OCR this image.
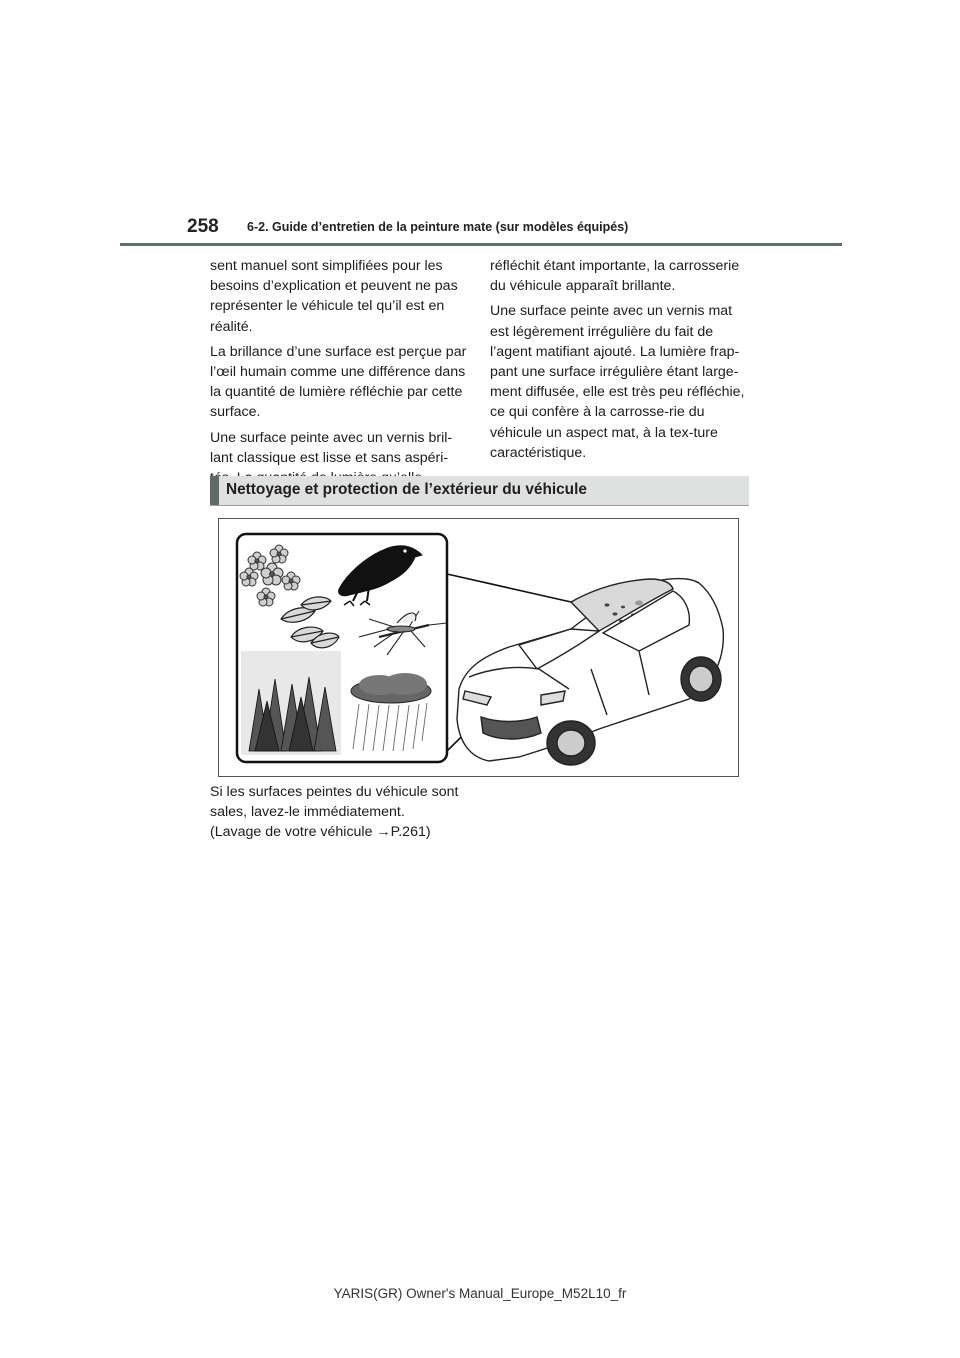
258 6-2. Guide d’entretien de la peinture mate (sur modèles équipés)

sent manuel sont simplifiées pour les besoins d’explication et peuvent ne pas représenter le véhicule tel qu’il est en réalité.

La brillance d’une surface est perçue par l’œil humain comme une différence dans la quantité de lumière réfléchie par cette surface.

Une surface peinte avec un vernis bril-lant classique est lisse et sans aspéri-

réfléchit étant importante, la carrosserie du véhicule apparaît brillante.

Une surface peinte avec un vernis mat est légèrement irrégulière du fait de l’agent matifiant ajouté. La lumière frap-pant une surface irrégulière étant large-ment diffusée, elle est très peu réfléchie, ce qui confère à la carrosse-rie du véhicule un aspect mat, à la tex-ture caractéristique.

Nettoyage et protection de l’extérieur du véhicule

Si les surfaces peintes du véhicule sont

sales, lavez-le immédiatement.

(Lavage de votre véhicule →P.261)

YARIS(GR) Owner's Manual_Europe_M52L10_fr
